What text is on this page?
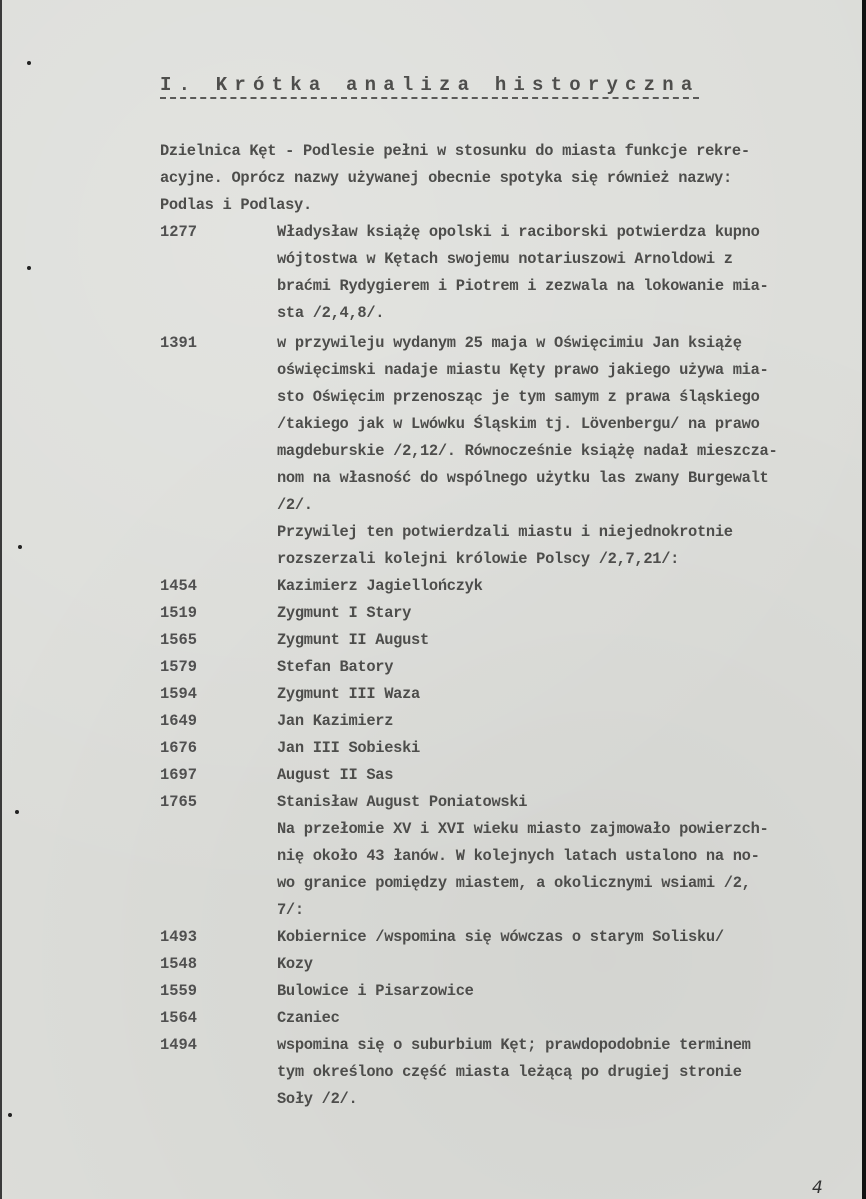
I. Krótka analiza historyczna
Dzielnica Kęt - Podlesie pełni w stosunku do miasta funkcje rekre-
acyjne. Oprócz nazwy używanej obecnie spotyka się również nazwy:
Podlas i Podlasy.
1277	Władysław książę opolski i raciborski potwierdza kupno
wójtostwa w Kętach swojemu notariuszowi Arnoldowi z
braćmi Rydygierem i Piotrem i zezwala na lokowanie mia-
sta /2,4,8/.
1391	w przywileju wydanym 25 maja w Oświęcimiu Jan książę
oświęcimski nadaje miastu Kęty prawo jakiego używa mia-
sto Oświęcim przenosząc je tym samym z prawa śląskiego
/takiego jak w Lwówku Śląskim tj. Lövenbergu/ na prawo
magdeburskie /2,12/. Równocześnie książę nadał mieszcza-
nom na własność do wspólnego użytku las zwany Burgewalt
/2/.
Przywilej ten potwierdzali miastu i niejednokrotnie
rozszerzali kolejni królowie Polscy /2,7,21/:
1454	Kazimierz Jagiellończyk
1519	Zygmunt I Stary
1565	Zygmunt II August
1579	Stefan Batory
1594	Zygmunt III Waza
1649	Jan Kazimierz
1676	Jan III Sobieski
1697	August II Sas
1765	Stanisław August Poniatowski
Na przełomie XV i XVI wieku miasto zajmowało powierzch-
nię około 43 łanów. W kolejnych latach ustalono na no-
wo granice pomiędzy miastem, a okolicznymi wsiami /2,
7/:
1493	Kobiernice /wspomina się wówczas o starym Solisku/
1548	Kozy
1559	Bulowice i Pisarzowice
1564	Czaniec
1494	wspomina się o suburbium Kęt; prawdopodobnie terminem
tym określono część miasta leżącą po drugiej stronie
Soły /2/.
4
